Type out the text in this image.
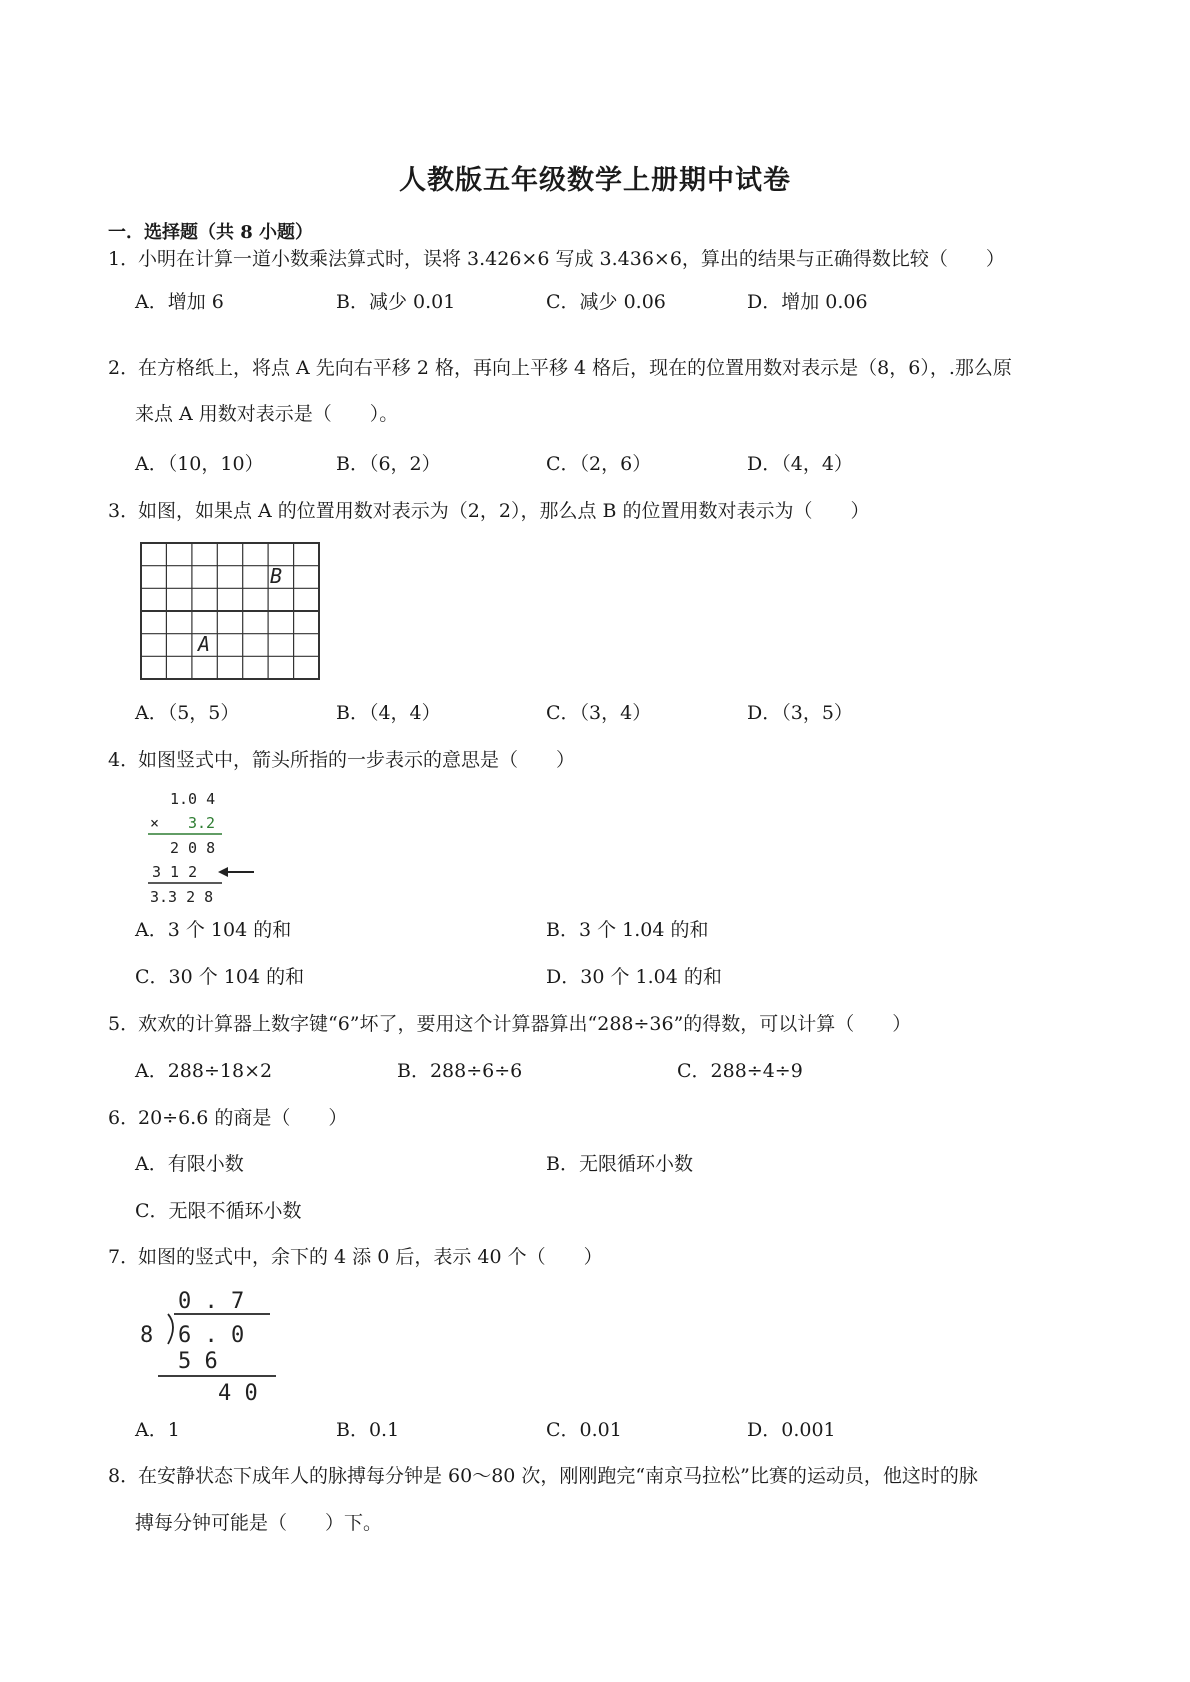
人教版五年级数学上册期中试卷
一．选择题（共 8 小题）
1．小明在计算一道小数乘法算式时，误将 3.426×6 写成 3.436×6，算出的结果与正确得数比较（　　）
A．增加 6	B．减少 0.01	C．减少 0.06	D．增加 0.06
2．在方格纸上，将点 A 先向右平移 2 格，再向上平移 4 格后，现在的位置用数对表示是（8，6），.那么原
来点 A 用数对表示是（　　）。
A．（10，10）	B．（6，2）	C．（2，6）	D．（4，4）
3．如图，如果点 A 的位置用数对表示为（2，2），那么点 B 的位置用数对表示为（　　）
A
B
A．（5，5）	B．（4，4）	C．（3，4）	D．（3，5）
4．如图竖式中，箭头所指的一步表示的意思是（　　）
1.0 4
× 3.2
2 0 8
3 1 2
3.3 2 8
A．3 个 104 的和	B．3 个 1.04 的和
C．30 个 104 的和	D．30 个 1.04 的和
5．欢欢的计算器上数字键“6”坏了，要用这个计算器算出“288÷36”的得数，可以计算（　　）
A．288÷18×2	B．288÷6÷6	C．288÷4÷9
6．20÷6.6 的商是（　　）
A．有限小数	B．无限循环小数
C．无限不循环小数
7．如图的竖式中，余下的 4 添 0 后，表示 40 个（　　）
0 . 7
8 6 . 0
5 6
4 0
A．1	B．0.1	C．0.01	D．0.001
8．在安静状态下成年人的脉搏每分钟是 60～80 次，刚刚跑完“南京马拉松”比赛的运动员，他这时的脉
搏每分钟可能是（　　）下。
